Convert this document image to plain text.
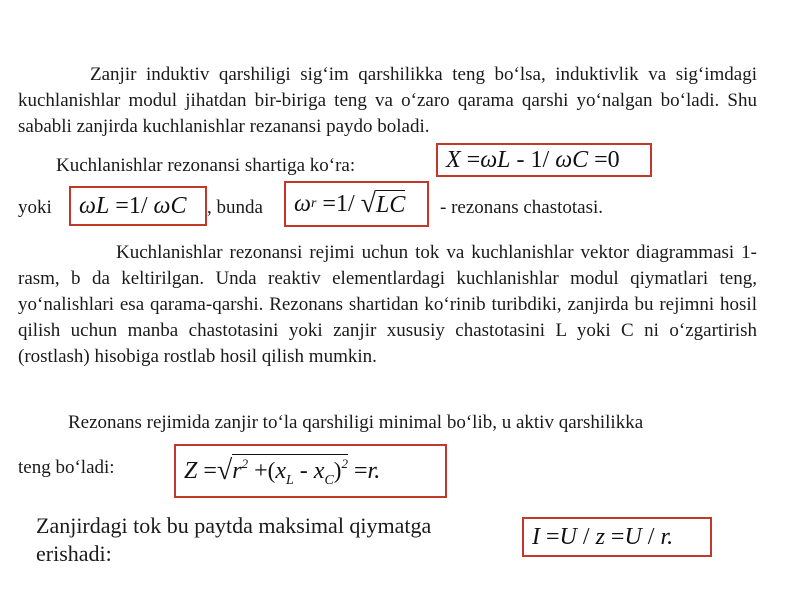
Zanjir induktiv qarshiligi sig‘im qarshilikka teng bo‘lsa, induktivlik va sig‘imdagi kuchlanishlar modul jihatdan bir-biriga teng va o‘zaro qarama qarshi yo‘nalgan bo‘ladi. Shu sababli zanjirda kuchlanishlar rezanansi paydo boladi.

Kuchlanishlar rezonansi shartiga ko‘ra:	X = ωL - 1/ ωC =0
yoki	ωL =1/ ωC	, bunda	ω r =1/ √ LC - rezonans chastotasi.

Kuchlanishlar rezonansi rejimi uchun tok va kuchlanishlar vektor diagrammasi 1- rasm, b da keltirilgan. Unda reaktiv elementlardagi kuchlanishlar modul qiymatlari teng, yo‘nalishlari esa qarama-qarshi. Rezonans shartidan ko‘rinib turibdiki, zanjirda bu rejimni hosil qilish uchun manba chastotasini yoki zanjir xususiy chastotasini L yoki C ni o‘zgartirish (rostlash) hisobiga rostlab hosil qilish mumkin.

Rezonans rejimida zanjir to‘la qarshiligi minimal bo‘lib, u aktiv qarshilikka

teng bo‘ladi:	Z = √ $r^2 +(x_L - x_C)^2 = r$.
Zanjirdagi tok bu paytda maksimal qiymatga
erishadi:
I = U / z = U / r.
